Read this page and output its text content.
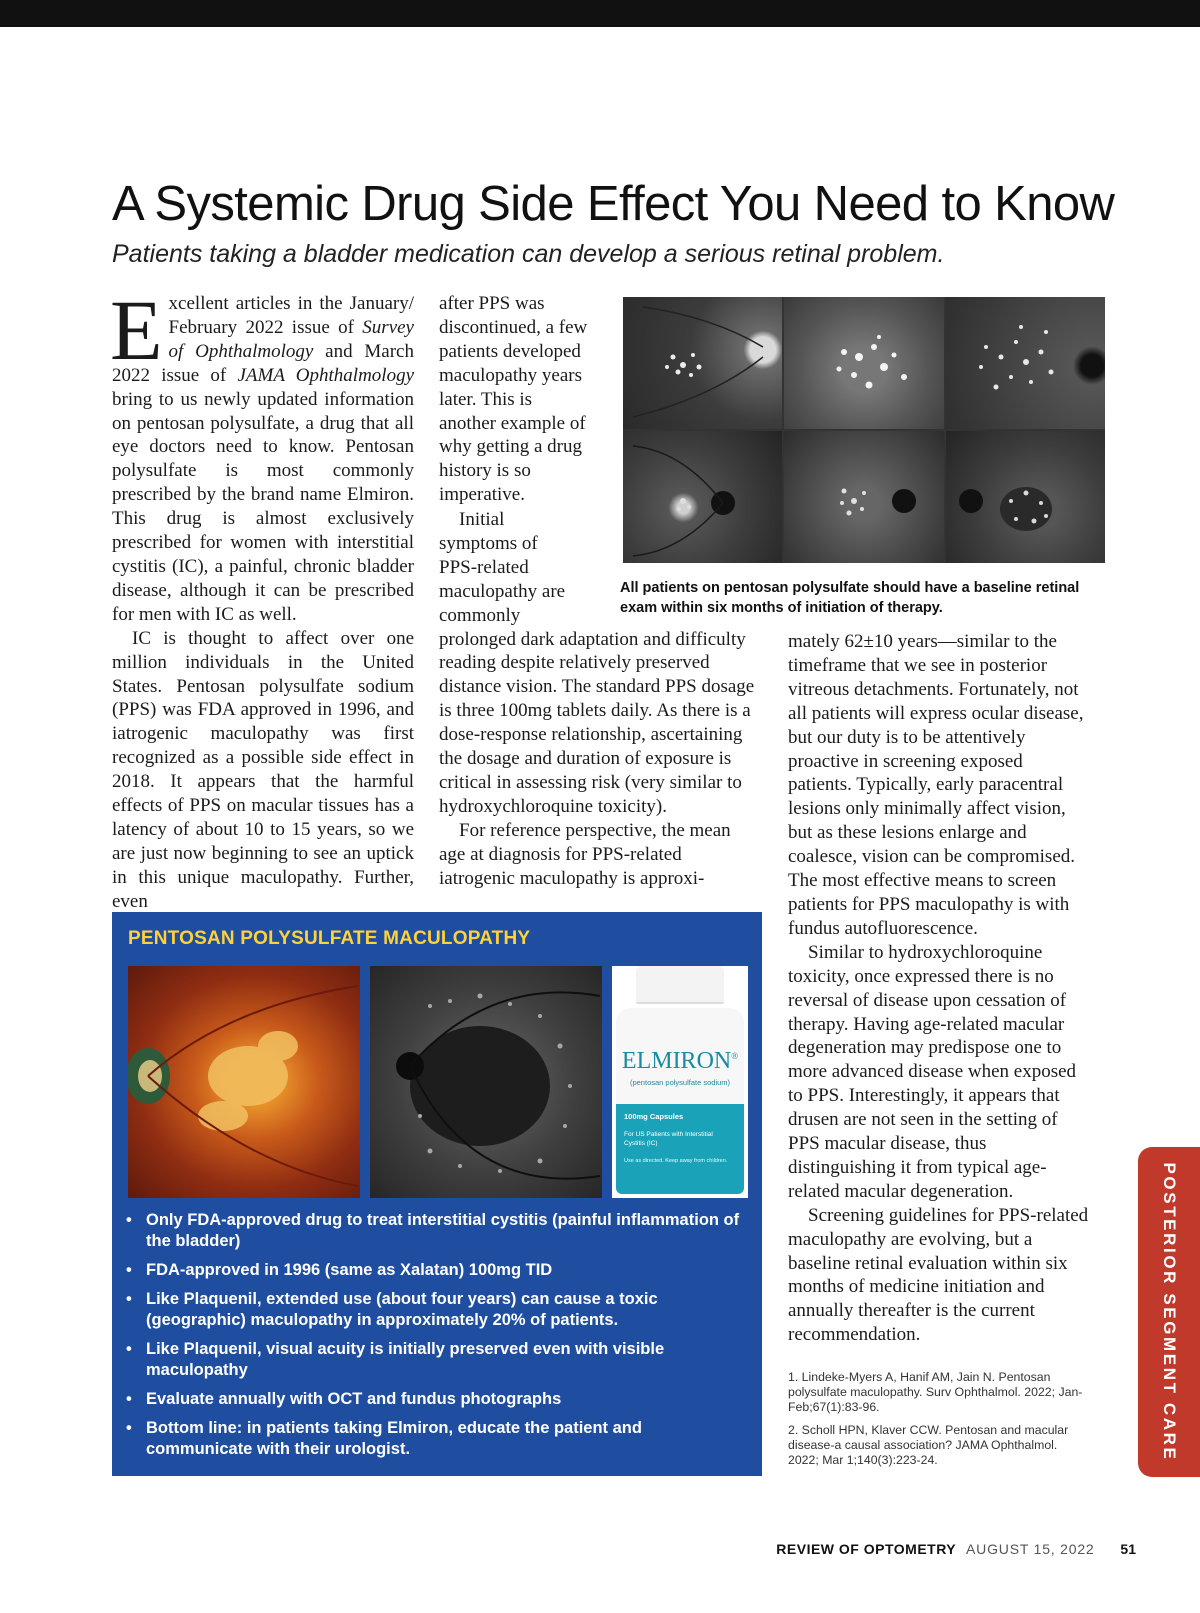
A Systemic Drug Side Effect You Need to Know
Patients taking a bladder medication can develop a serious retinal problem.

Excellent articles in the January/ February 2022 issue of Survey of Ophthalmology and March 2022 issue of JAMA Ophthalmology bring to us newly updated information on pentosan polysulfate, a drug that all eye doctors need to know. Pentosan polysulfate is most commonly prescribed by the brand name Elmiron. This drug is almost exclusively prescribed for women with interstitial cystitis (IC), a painful, chronic bladder disease, although it can be prescribed for men with IC as well.

IC is thought to affect over one million individuals in the United States. Pentosan polysulfate sodium (PPS) was FDA approved in 1996, and iatrogenic maculopathy was first recognized as a possible side effect in 2018. It appears that the harmful effects of PPS on macular tissues has a latency of about 10 to 15 years, so we are just now beginning to see an uptick in this unique maculopathy. Further, even

after PPS was discontinued, a few patients developed maculopathy years later. This is another example of why getting a drug history is so imperative.

Initial symptoms of PPS-related maculopathy are commonly prolonged dark adaptation and difficulty reading despite relatively preserved distance vision. The standard PPS dosage is three 100mg tablets daily. As there is a dose-response relationship, ascertaining the dosage and duration of exposure is critical in assessing risk (very similar to hydroxychloroquine toxicity).

For reference perspective, the mean age at diagnosis for PPS-related iatrogenic maculopathy is approxi-

mately 62±10 years—similar to the timeframe that we see in posterior vitreous detachments. Fortunately, not all patients will express ocular disease, but our duty is to be attentively proactive in screening exposed patients. Typically, early paracentral lesions only minimally affect vision, but as these lesions enlarge and coalesce, vision can be compromised. The most effective means to screen patients for PPS maculopathy is with fundus autofluorescence.

Similar to hydroxychloroquine toxicity, once expressed there is no reversal of disease upon cessation of therapy. Having age-related macular degeneration may predispose one to more advanced disease when exposed to PPS. Interestingly, it appears that drusen are not seen in the setting of PPS macular disease, thus distinguishing it from typical age-related macular degeneration.

Screening guidelines for PPS-related maculopathy are evolving, but a baseline retinal evaluation within six months of medicine initiation and annually thereafter is the current recommendation.

All patients on pentosan polysulfate should have a baseline retinal exam within six months of initiation of therapy.
PENTOSAN POLYSULFATE MACULOPATHY
ELMIRON®
(pentosan polysulfate sodium)
100mg Capsules
For US Patients with Interstitial Cystitis (IC)
Use as directed. Keep away from children.
• Only FDA-approved drug to treat interstitial cystitis (painful inflammation of the bladder)
• FDA-approved in 1996 (same as Xalatan) 100mg TID
• Like Plaquenil, extended use (about four years) can cause a toxic (geographic) maculopathy in approximately 20% of patients.
• Like Plaquenil, visual acuity is initially preserved even with visible maculopathy
• Evaluate annually with OCT and fundus photographs
• Bottom line: in patients taking Elmiron, educate the patient and communicate with their urologist.

1. Lindeke-Myers A, Hanif AM, Jain N. Pentosan polysulfate maculopathy. Surv Ophthalmol. 2022; Jan-Feb;67(1):83-96.

2. Scholl HPN, Klaver CCW. Pentosan and macular disease-a causal association? JAMA Ophthalmol. 2022; Mar 1;140(3):223-24.	POSTERIOR SEGMENT CARE
REVIEW OF OPTOMETRY AUGUST 15, 2022 51
